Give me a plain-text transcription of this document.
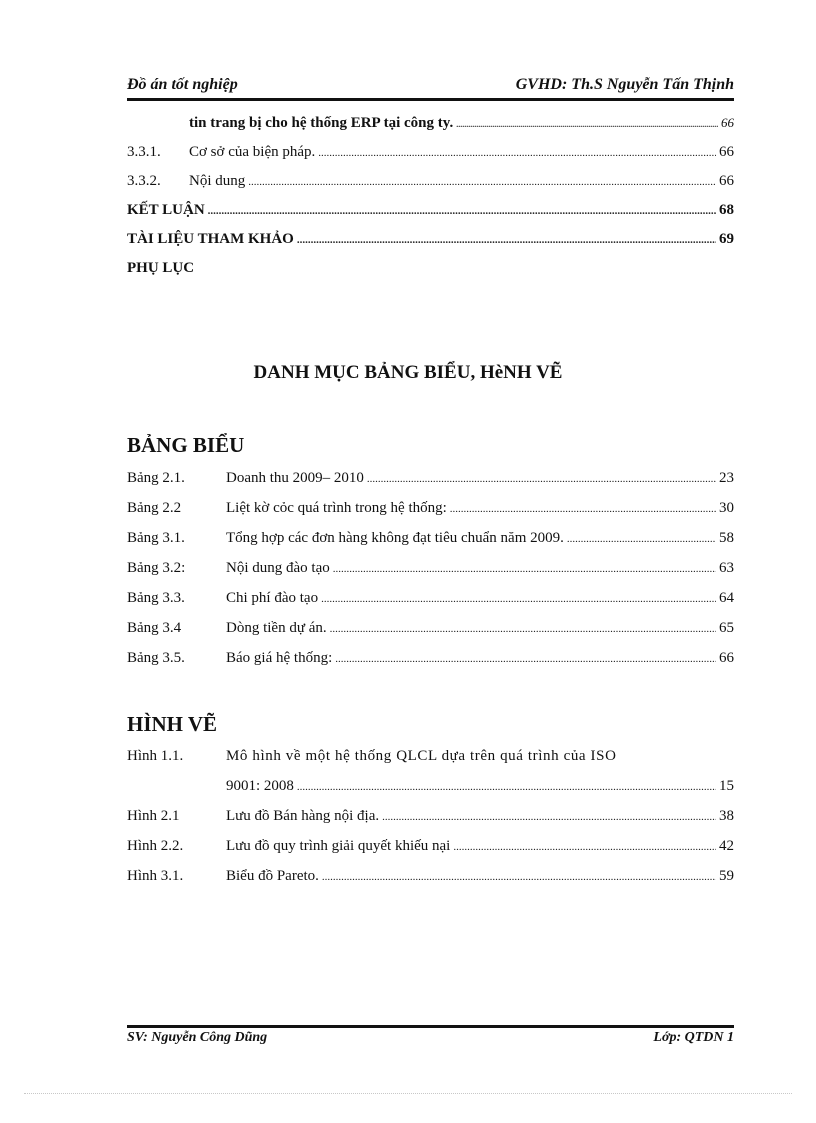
Đồ án tốt nghiệp	GVHD: Th.S Nguyễn Tấn Thịnh
tin trang bị cho hệ thống ERP tại công ty. .....	66
3.3.1.	Cơ sở của biện pháp. .....	66
3.3.2.	Nội dung .....	66
KẾT LUẬN .....	68
TÀI LIỆU THAM KHẢO .....	69
PHỤ LỤC
DANH MỤC BẢNG BIỂU, HèNH VẼ
BẢNG BIỂU
Bảng 2.1.	Doanh thu 2009– 2010 .....	23
Bảng 2.2	Liệt kờ cỏc quá trình trong hệ thống: .....	30
Bảng 3.1.	Tổng hợp các đơn hàng không đạt tiêu chuẩn năm 2009. .....	58
Bảng 3.2:	Nội dung đào tạo .....	63
Bảng 3.3.	Chi phí đào tạo .....	64
Bảng 3.4	Dòng tiền dự án. .....	65
Bảng 3.5.	Báo giá hệ thống: .....	66
HÌNH VẼ
Hình 1.1.	Mô hình về một hệ thống QLCL dựa trên quá trình của ISO
9001: 2008 .....	15
Hình 2.1	Lưu đồ Bán hàng nội địa. .....	38
Hình 2.2.	Lưu đồ quy trình giải quyết khiếu nại .....	42
Hình 3.1.	Biểu đồ Pareto. .....	59
SV: Nguyễn Công Dũng	Lớp: QTDN 1
